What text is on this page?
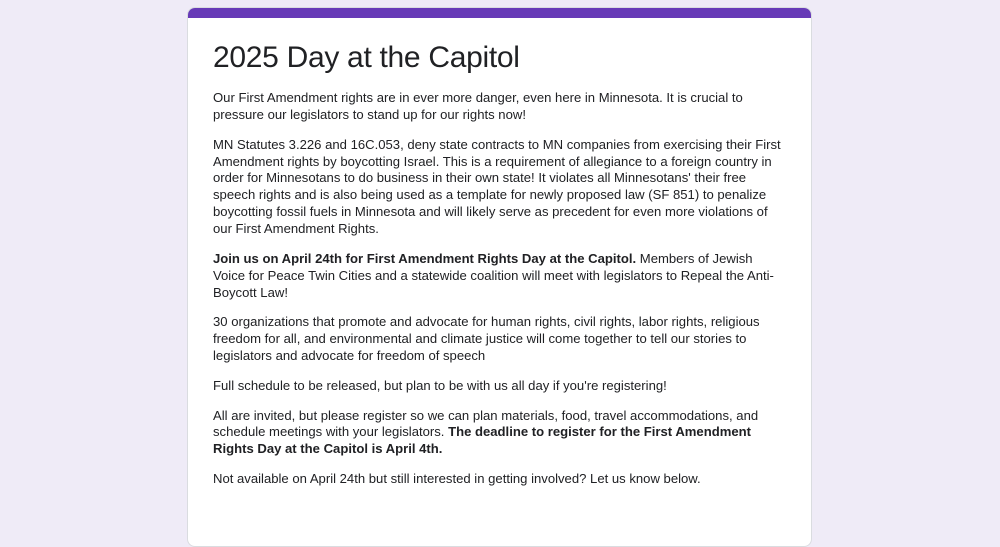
2025 Day at the Capitol

Our First Amendment rights are in ever more danger, even here in Minnesota. It is crucial to pressure our legislators to stand up for our rights now!

MN Statutes 3.226 and 16C.053, deny state contracts to MN companies from exercising their First Amendment rights by boycotting Israel. This is a requirement of allegiance to a foreign country in order for Minnesotans to do business in their own state! It violates all Minnesotans' their free speech rights and is also being used as a template for newly proposed law (SF 851) to penalize boycotting fossil fuels in Minnesota and will likely serve as precedent for even more violations of our First Amendment Rights.

Join us on April 24th for First Amendment Rights Day at the Capitol. Members of Jewish Voice for Peace Twin Cities and a statewide coalition will meet with legislators to Repeal the Anti-Boycott Law!

30 organizations that promote and advocate for human rights, civil rights, labor rights, religious freedom for all, and environmental and climate justice will come together to tell our stories to legislators and advocate for freedom of speech

Full schedule to be released, but plan to be with us all day if you're registering!

All are invited, but please register so we can plan materials, food, travel accommodations, and schedule meetings with your legislators. The deadline to register for the First Amendment Rights Day at the Capitol is April 4th.

Not available on April 24th but still interested in getting involved? Let us know below.
